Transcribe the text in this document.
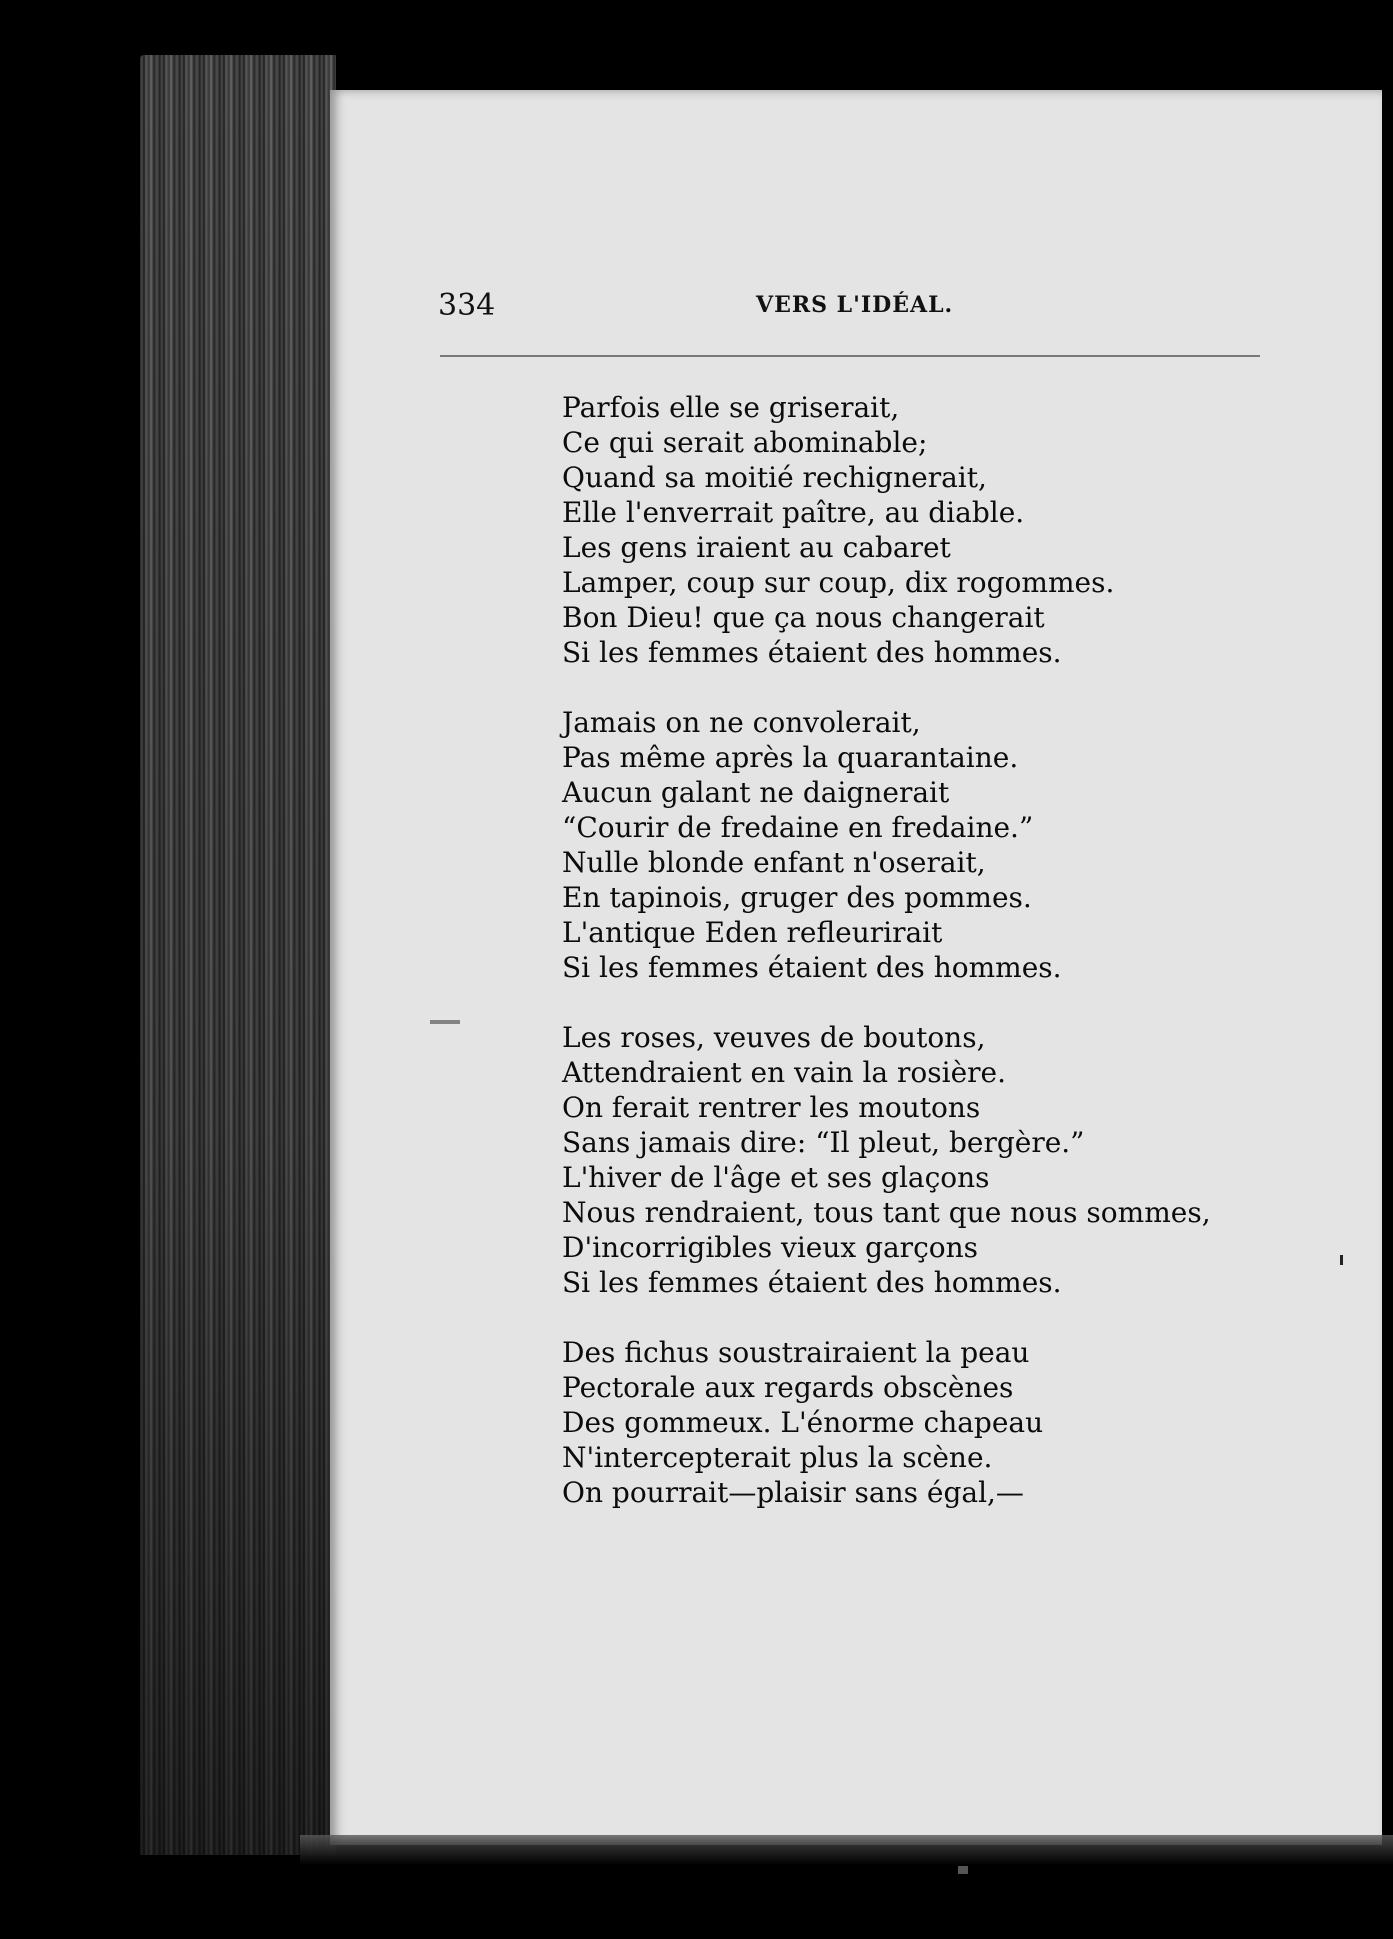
334	VERS L'IDÉAL.
Parfois elle se griserait,
Ce qui serait abominable;
Quand sa moitié rechignerait,
Elle l'enverrait paître, au diable.
Les gens iraient au cabaret
Lamper, coup sur coup, dix rogommes.
Bon Dieu! que ça nous changerait
Si les femmes étaient des hommes.
Jamais on ne convolerait,
Pas même après la quarantaine.
Aucun galant ne daignerait
“Courir de fredaine en fredaine.”
Nulle blonde enfant n'oserait,
En tapinois, gruger des pommes.
L'antique Eden refleurirait
Si les femmes étaient des hommes.
Les roses, veuves de boutons,
Attendraient en vain la rosière.
On ferait rentrer les moutons
Sans jamais dire: “Il pleut, bergère.”
L'hiver de l'âge et ses glaçons
Nous rendraient, tous tant que nous sommes,
D'incorrigibles vieux garçons
Si les femmes étaient des hommes.
Des fichus soustrairaient la peau
Pectorale aux regards obscènes
Des gommeux. L'énorme chapeau
N'intercepterait plus la scène.
On pourrait—plaisir sans égal,—
